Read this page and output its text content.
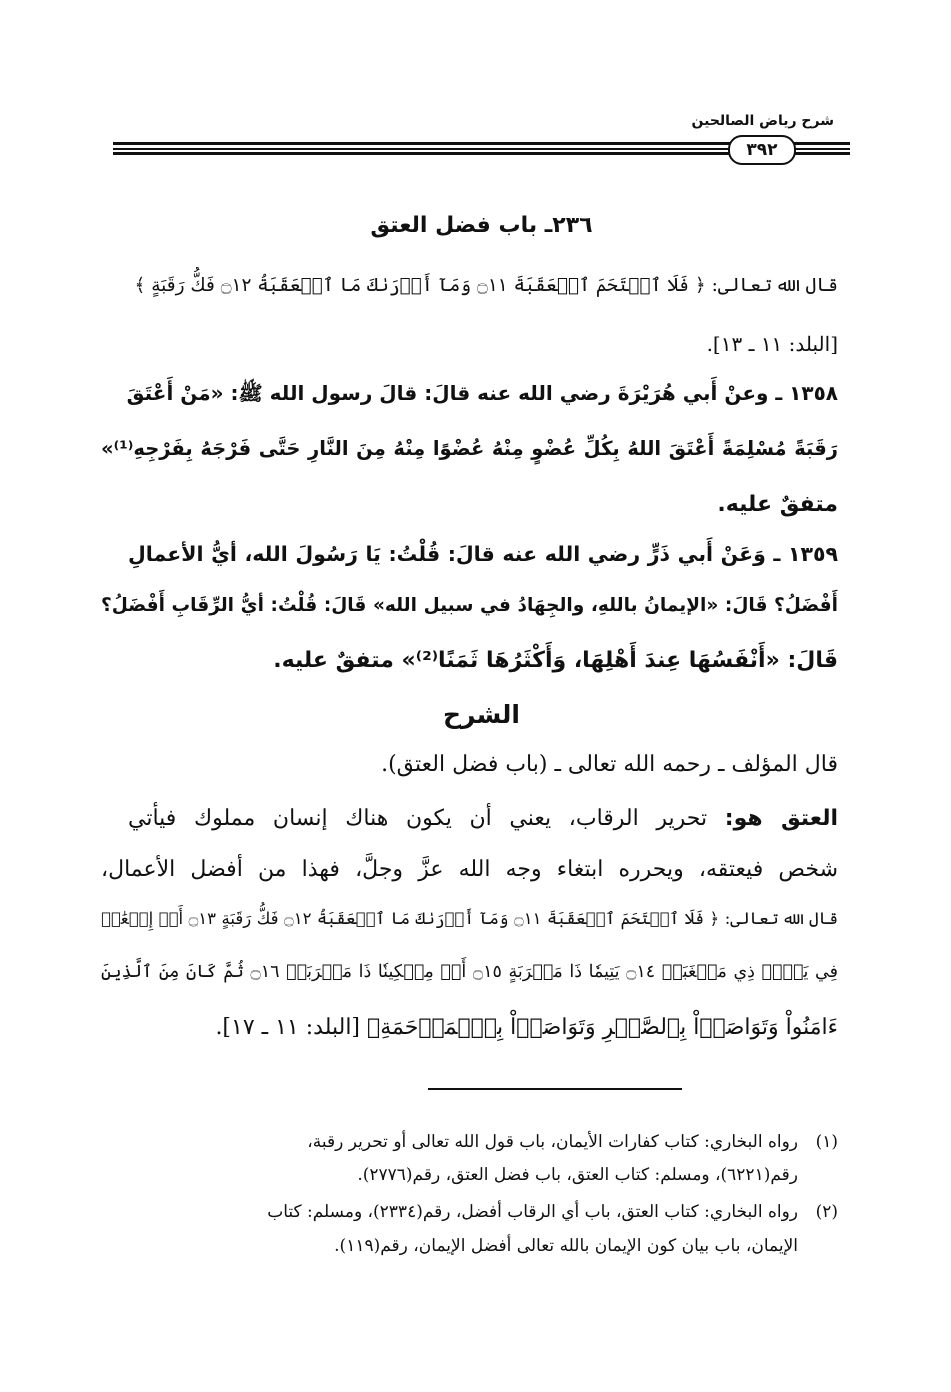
شرح رياض الصالحين
٣٩٢
٢٣٦ـ باب فضل العتق
قال الله تعالى: ﴿ فَلَا ٱقۡتَحَمَ ٱلۡعَقَبَةَ ۝١١ وَمَآ أَدۡرَىٰكَ مَا ٱلۡعَقَبَةُ ۝١٢ فَكُّ رَقَبَةٍ ﴾
[البلد: ١١ ـ ١٣].
١٣٥٨ ـ وعنْ أَبي هُرَيْرَةَ رضي الله عنه قالَ: قالَ رسول الله ﷺ: «مَنْ أَعْتَقَ
رَقَبَةً مُسْلِمَةً أَعْتَقَ اللهُ بِكُلِّ عُضْوٍ مِنْهُ عُضْوًا مِنْهُ مِنَ النَّارِ حَتَّى فَرْجَهُ بِفَرْجِهِ⁽¹⁾»
متفقٌ عليه.
١٣٥٩ ـ وَعَنْ أَبي ذَرٍّ رضي الله عنه قالَ: قُلْتُ: يَا رَسُولَ الله، أيُّ الأعمالِ
أَفْضَلُ؟ قَالَ: «الإيمانُ باللهِ، والجِهَادُ في سبيل الله» قَالَ: قُلْتُ: أيُّ الرِّقَابِ أَفْضَلُ؟
قَالَ: «أَنْفَسُهَا عِندَ أَهْلِهَا، وَأَكْثَرُهَا ثَمَنًا⁽²⁾» متفقٌ عليه.
الشرح
قال المؤلف ـ رحمه الله تعالى ـ (باب فضل العتق).
العتق هو: تحرير الرقاب، يعني أن يكون هناك إنسان مملوك فيأتي
شخص فيعتقه، ويحرره ابتغاء وجه الله عزَّ وجلَّ، فهذا من أفضل الأعمال،
قال الله تعالى: ﴿ فَلَا ٱقۡتَحَمَ ٱلۡعَقَبَةَ ۝١١ وَمَآ أَدۡرَىٰكَ مَا ٱلۡعَقَبَةُ ۝١٢ فَكُّ رَقَبَةٍ ۝١٣ أَوۡ إِطۡعَٰمٞ
فِي يَوۡمٖ ذِي مَسۡغَبَةٖ ۝١٤ يَتِيمٗا ذَا مَقۡرَبَةٍ ۝١٥ أَوۡ مِسۡكِينٗا ذَا مَتۡرَبَةٖ ۝١٦ ثُمَّ كَانَ مِنَ ٱلَّذِينَ
ءَامَنُواْ وَتَوَاصَوۡاْ بِٱلصَّبۡرِ وَتَوَاصَوۡاْ بِٱلۡمَرۡحَمَةِ﴾ [البلد: ١١ ـ ١٧].
(١)رواه البخاري: كتاب كفارات الأيمان، باب قول الله تعالى أو تحرير رقبة،
رقم(٦٢٢١)، ومسلم: كتاب العتق، باب فضل العتق، رقم(٢٧٧٦).
(٢)رواه البخاري: كتاب العتق، باب أي الرقاب أفضل، رقم(٢٣٣٤)، ومسلم: كتاب
الإيمان، باب بيان كون الإيمان بالله تعالى أفضل الإيمان، رقم(١١٩).
